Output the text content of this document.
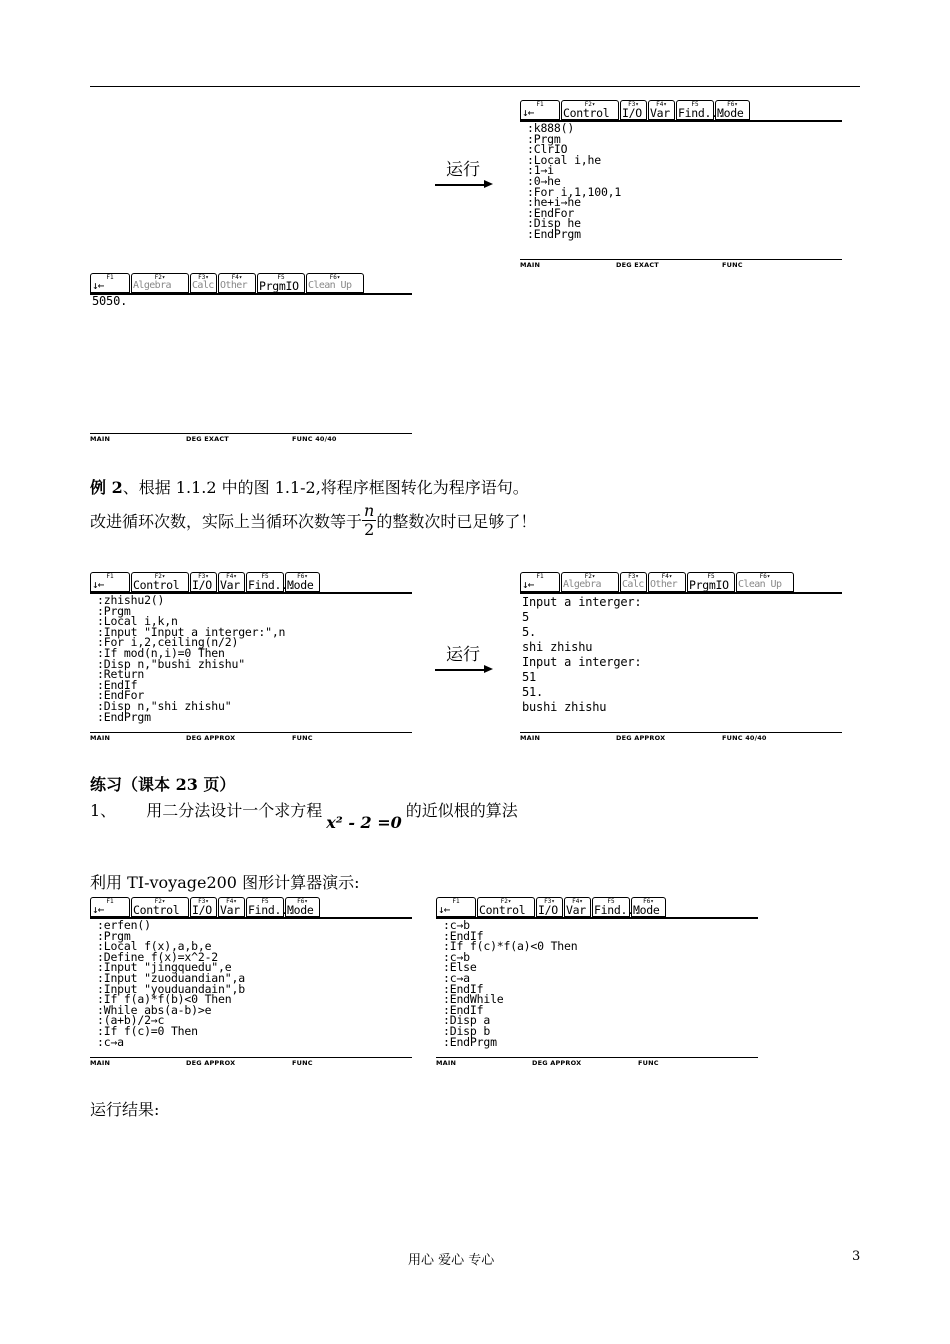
F1
↓←
F2▾
Control
F3▾
I/O
F4▾
Var
F5
Find...
F6▾
Mode
:k888()
:Prgm
:ClrIO
:Local i,he
:1→i
:0→he
:For i,1,100,1
:he+i→he
:EndFor
:Disp he
:EndPrgm
MAIN	DEG EXACT	FUNC
运行
F1
↓←
F2▾
Algebra
F3▾
Calc
F4▾
Other
F5
PrgmIO
F6▾
Clean Up
5050.
MAIN	DEG EXACT	FUNC 40/40
例 2、根据 1.1.2 中的图 1.1-2,将程序框图转化为程序语句。
改进循环次数，实际上当循环次数等于 $\frac{n}{2}$ 的整数次时已足够了！
F1
↓←
F2▾
Control
F3▾
I/O
F4▾
Var
F5
Find...
F6▾
Mode
:zhishu2()
:Prgm
:Local i,k,n
:Input "Input a interger:",n
:For i,2,ceiling(n/2)
:If mod(n,i)=0 Then
:Disp n,"bushi zhishu"
:Return
:EndIf
:EndFor
:Disp n,"shi zhishu"
:EndPrgm
MAIN	DEG APPROX	FUNC
运行
F1
↓←
F2▾
Algebra
F3▾
Calc
F4▾
Other
F5
PrgmIO
F6▾
Clean Up
Input a interger:
5
5.
shi zhishu
Input a interger:
51
51.
bushi zhishu
MAIN	DEG APPROX	FUNC 40/40
练习（课本 23 页）
1、 用二分法设计一个求方程x² - 2 =0的近似根的算法
利用 TI-voyage200 图形计算器演示:
F1
↓←
F2▾
Control
F3▾
I/O
F4▾
Var
F5
Find...
F6▾
Mode
:erfen()
:Prgm
:Local f(x),a,b,e
:Define f(x)=x^2-2
:Input "jingquedu",e
:Input "zuoduandian",a
:Input "youduandain",b
:If f(a)*f(b)<0 Then
:While abs(a-b)>e
:(a+b)/2→c
:If f(c)=0 Then
:c→a
MAIN	DEG APPROX	FUNC
F1
↓←
F2▾
Control
F3▾
I/O
F4▾
Var
F5
Find...
F6▾
Mode
:c→b
:EndIf
:If f(c)*f(a)<0 Then
:c→b
:Else
:c→a
:EndIf
:EndWhile
:EndIf
:Disp a
:Disp b
:EndPrgm
MAIN	DEG APPROX	FUNC
运行结果:
用心 爱心 专心	3
